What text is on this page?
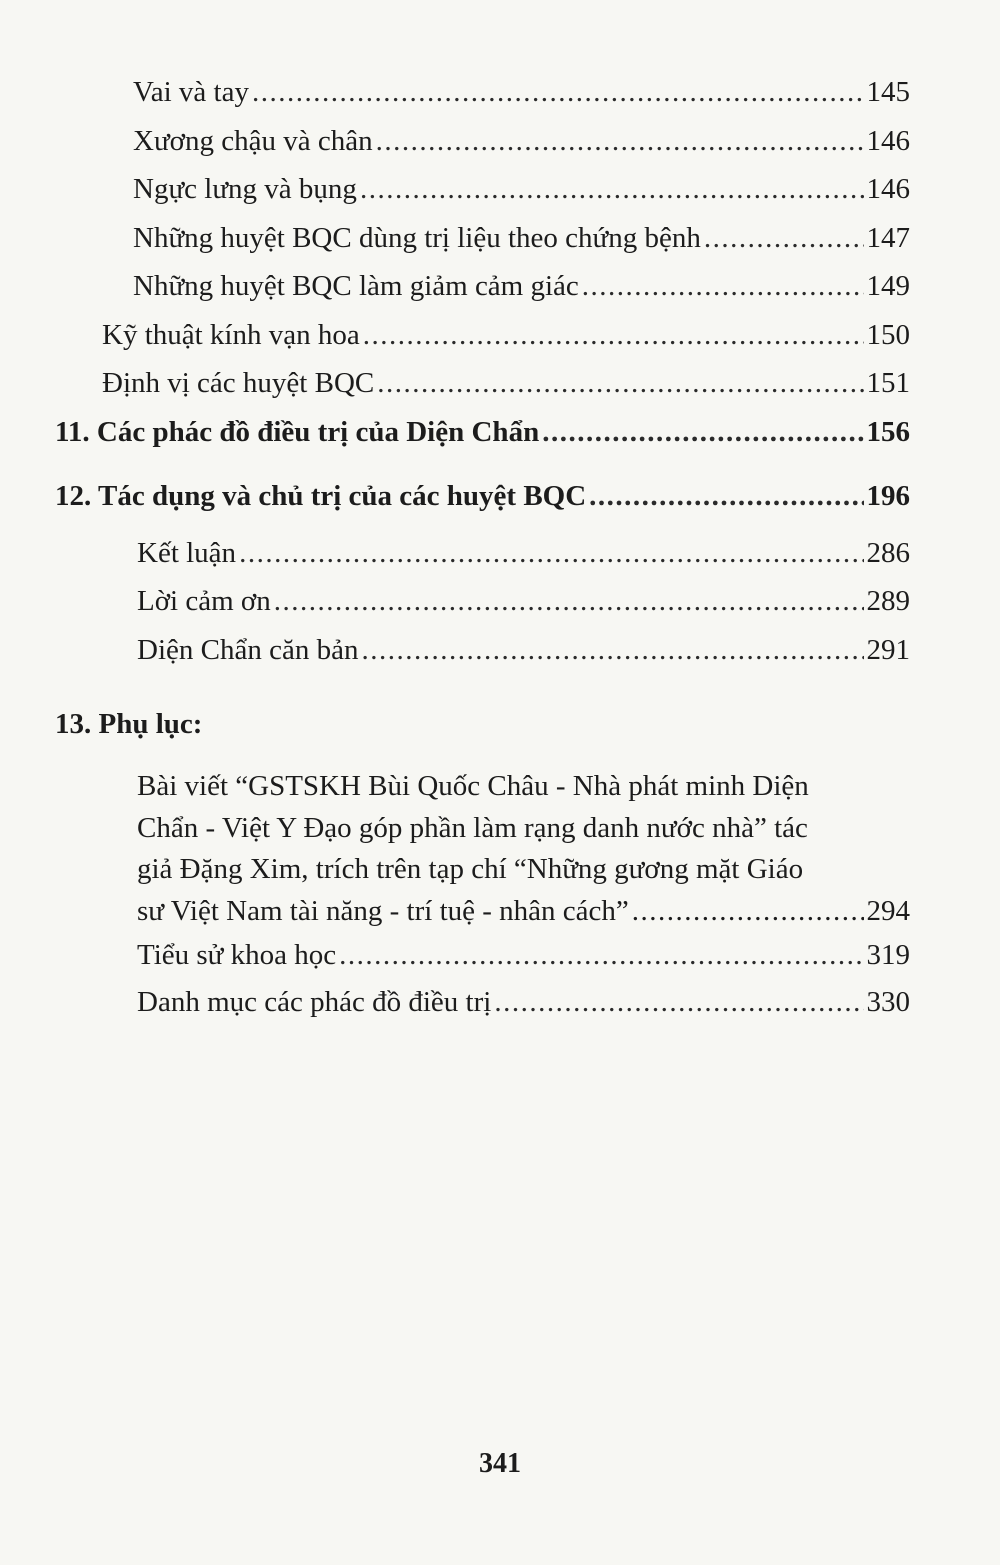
Vai và tay .....	145
Xương chậu và chân .....	146
Ngực lưng và bụng .....	146
Những huyệt BQC dùng trị liệu theo chứng bệnh .....	147
Những huyệt BQC làm giảm cảm giác .....	149
Kỹ thuật kính vạn hoa .....	150
Định vị các huyệt BQC .....	151
11. Các phác đồ điều trị của Diện Chẩn .....	156
12. Tác dụng và chủ trị của các huyệt BQC .....	196
Kết luận .....	286
Lời cảm ơn .....	289
Diện Chẩn căn bản .....	291
13. Phụ lục:
Bài viết “GSTSKH Bùi Quốc Châu - Nhà phát minh Diện
Chẩn - Việt Y Đạo góp phần làm rạng danh nước nhà” tác
giả Đặng Xim, trích trên tạp chí “Những gương mặt Giáo
sư Việt Nam tài năng - trí tuệ - nhân cách” .....	294
Tiểu sử khoa học .....	319
Danh mục các phác đồ điều trị .....	330
341
